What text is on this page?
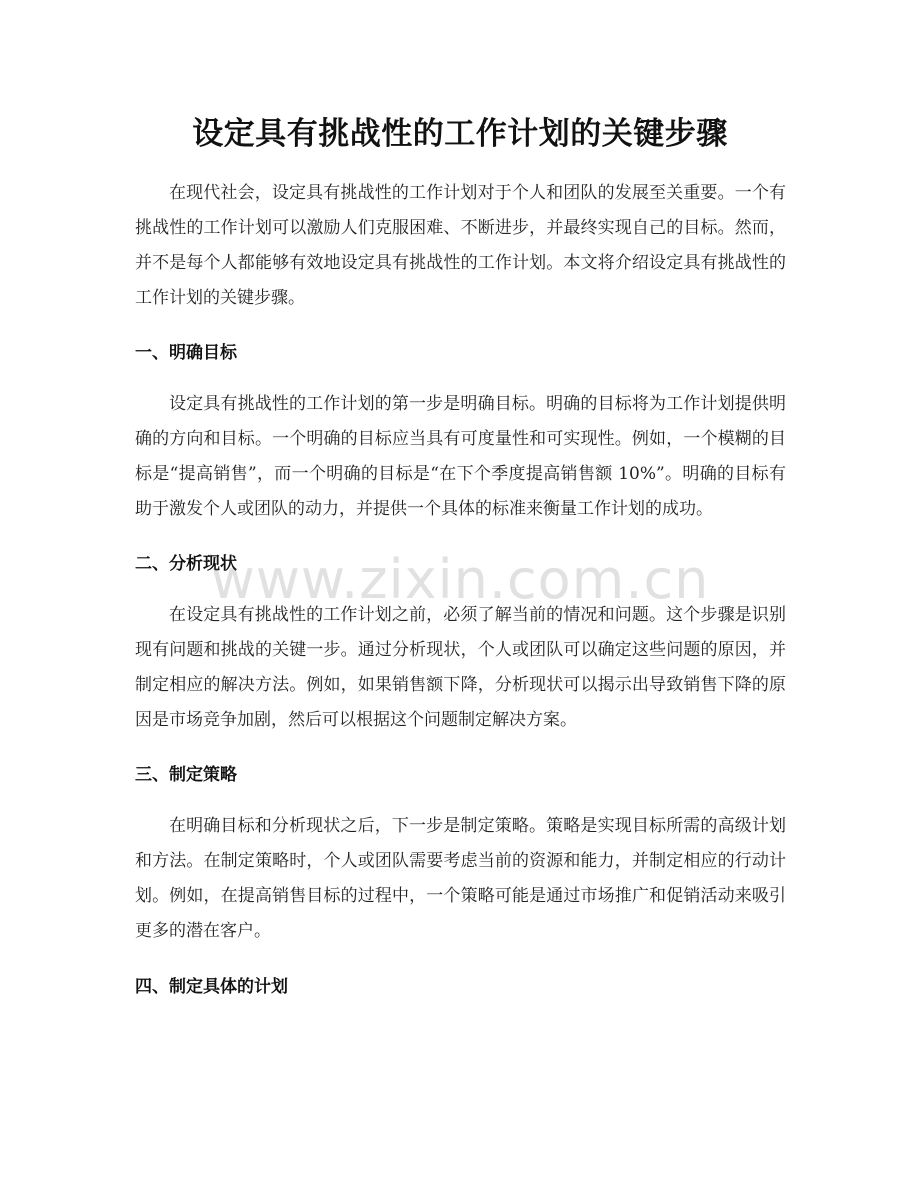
设定具有挑战性的工作计划的关键步骤

在现代社会，设定具有挑战性的工作计划对于个人和团队的发展至关重要。一个有挑战性的工作计划可以激励人们克服困难、不断进步，并最终实现自己的目标。然而，并不是每个人都能够有效地设定具有挑战性的工作计划。本文将介绍设定具有挑战性的工作计划的关键步骤。

一、明确目标

设定具有挑战性的工作计划的第一步是明确目标。明确的目标将为工作计划提供明确的方向和目标。一个明确的目标应当具有可度量性和可实现性。例如，一个模糊的目标是“提高销售”，而一个明确的目标是“在下个季度提高销售额 10%”。明确的目标有助于激发个人或团队的动力，并提供一个具体的标准来衡量工作计划的成功。

二、分析现状

在设定具有挑战性的工作计划之前，必须了解当前的情况和问题。这个步骤是识别现有问题和挑战的关键一步。通过分析现状，个人或团队可以确定这些问题的原因，并制定相应的解决方法。例如，如果销售额下降，分析现状可以揭示出导致销售下降的原因是市场竞争加剧，然后可以根据这个问题制定解决方案。

三、制定策略

在明确目标和分析现状之后，下一步是制定策略。策略是实现目标所需的高级计划和方法。在制定策略时，个人或团队需要考虑当前的资源和能力，并制定相应的行动计划。例如，在提高销售目标的过程中，一个策略可能是通过市场推广和促销活动来吸引更多的潜在客户。

四、制定具体的计划
www.zixin.com.cn
